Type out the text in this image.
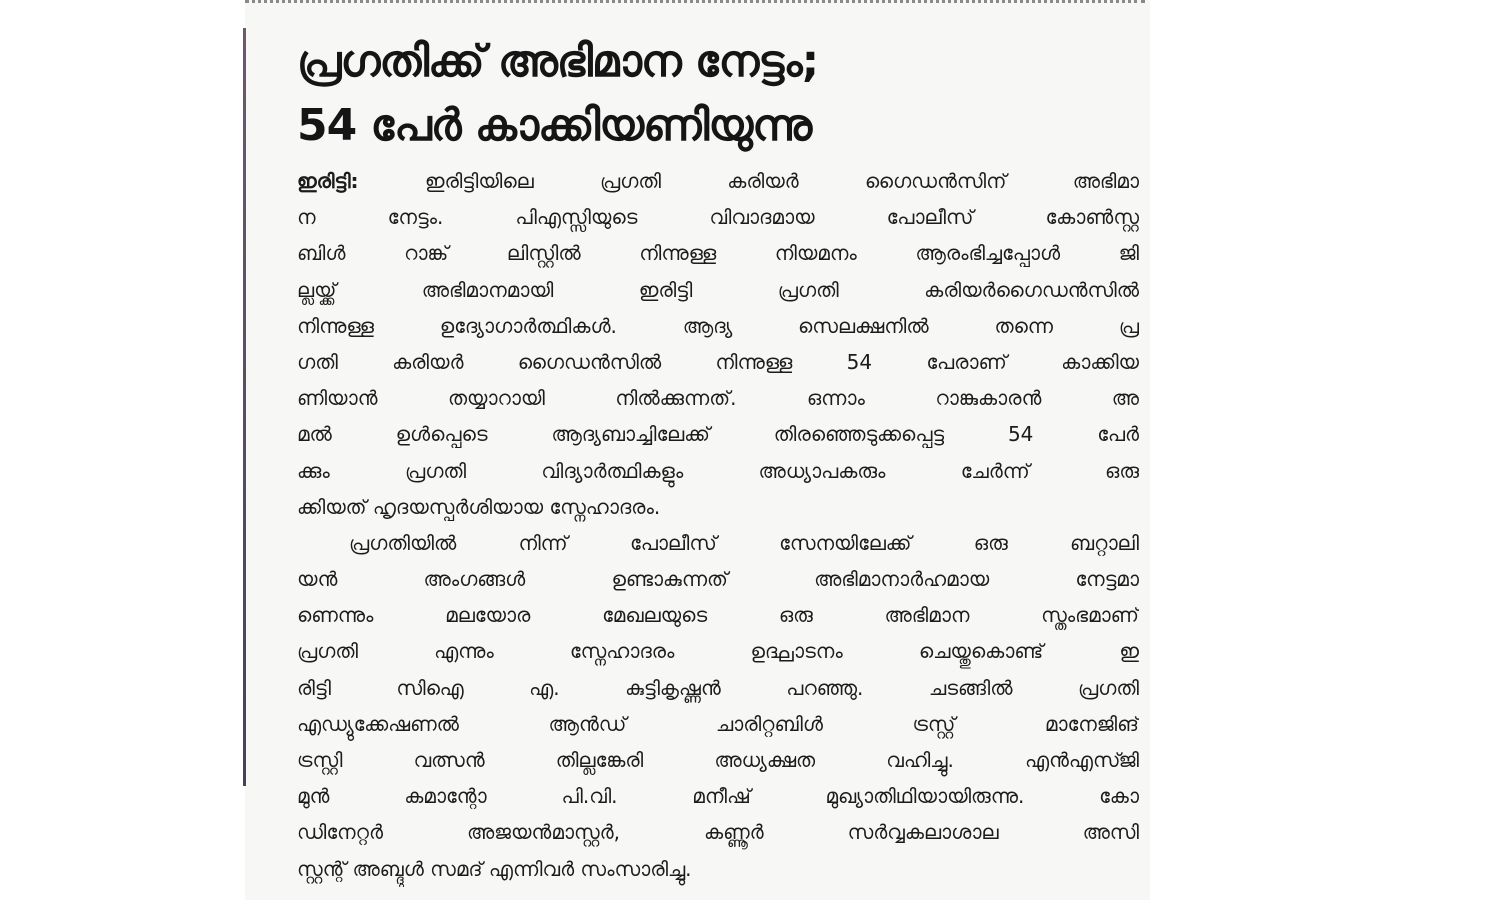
പ്രഗതിക്ക് അഭിമാന നേട്ടം;
54 പേർ കാക്കിയണിയുന്നു
ഇരിട്ടി:	ഇരിട്ടിയിലെ പ്രഗതി കരിയർ ഗൈഡൻസിന് അഭിമാ
ന നേട്ടം. പിഎസ്സിയുടെ വിവാദമായ പോലീസ് കോൺസ്റ്റ
ബിൾ റാങ്ക് ലിസ്റ്റിൽ നിന്നുള്ള നിയമനം ആരംഭിച്ചപ്പോൾ ജി
ല്ലയ്ക്ക് അഭിമാനമായി ഇരിട്ടി പ്രഗതി കരിയർഗൈഡൻസിൽ
നിന്നുള്ള ഉദ്യോഗാർത്ഥികൾ. ആദ്യ സെലക്ഷനിൽ തന്നെ പ്ര
ഗതി കരിയർ ഗൈഡൻസിൽ നിന്നുള്ള 54 പേരാണ് കാക്കിയ
ണിയാൻ തയ്യാറായി നിൽക്കുന്നത്. ഒന്നാം റാങ്കുകാരൻ അ
മൽ ഉൾപ്പെടെ ആദ്യബാച്ചിലേക്ക് തിരഞ്ഞെടുക്കപ്പെട്ട 54 പേർ
ക്കും പ്രഗതി വിദ്യാർത്ഥികളും അധ്യാപകരും ചേർന്ന് ഒരു
ക്കിയത് ഹൃദയസ്പർശിയായ സ്നേഹാദരം.
പ്രഗതിയിൽ നിന്ന് പോലീസ് സേനയിലേക്ക് ഒരു ബറ്റാലി
യൻ അംഗങ്ങൾ ഉണ്ടാകുന്നത് അഭിമാനാർഹമായ നേട്ടമാ
ണെന്നും മലയോര മേഖലയുടെ ഒരു അഭിമാന സ്തംഭമാണ്
പ്രഗതി എന്നും സ്നേഹാദരം ഉദ്ഘാടനം ചെയ്തുകൊണ്ട് ഇ
രിട്ടി സിഐ എ. കുട്ടികൃഷ്ണൻ പറഞ്ഞു. ചടങ്ങിൽ പ്രഗതി
എഡ്യുക്കേഷണൽ ആൻഡ് ചാരിറ്റബിൾ ട്രസ്റ്റ് മാനേജിങ്
ട്രസ്റ്റി വത്സൻ തില്ലങ്കേരി അധ്യക്ഷത വഹിച്ചു. എൻഎസ്ജി
മുൻ കമാന്റോ പി.വി. മനീഷ് മുഖ്യാതിഥിയായിരുന്നു. കോ
ഡിനേറ്റർ അജയൻമാസ്റ്റർ, കണ്ണൂർ സർവ്വകലാശാല അസി
സ്റ്റന്റ് അബ്ദുൾ സമദ് എന്നിവർ സംസാരിച്ചു.
